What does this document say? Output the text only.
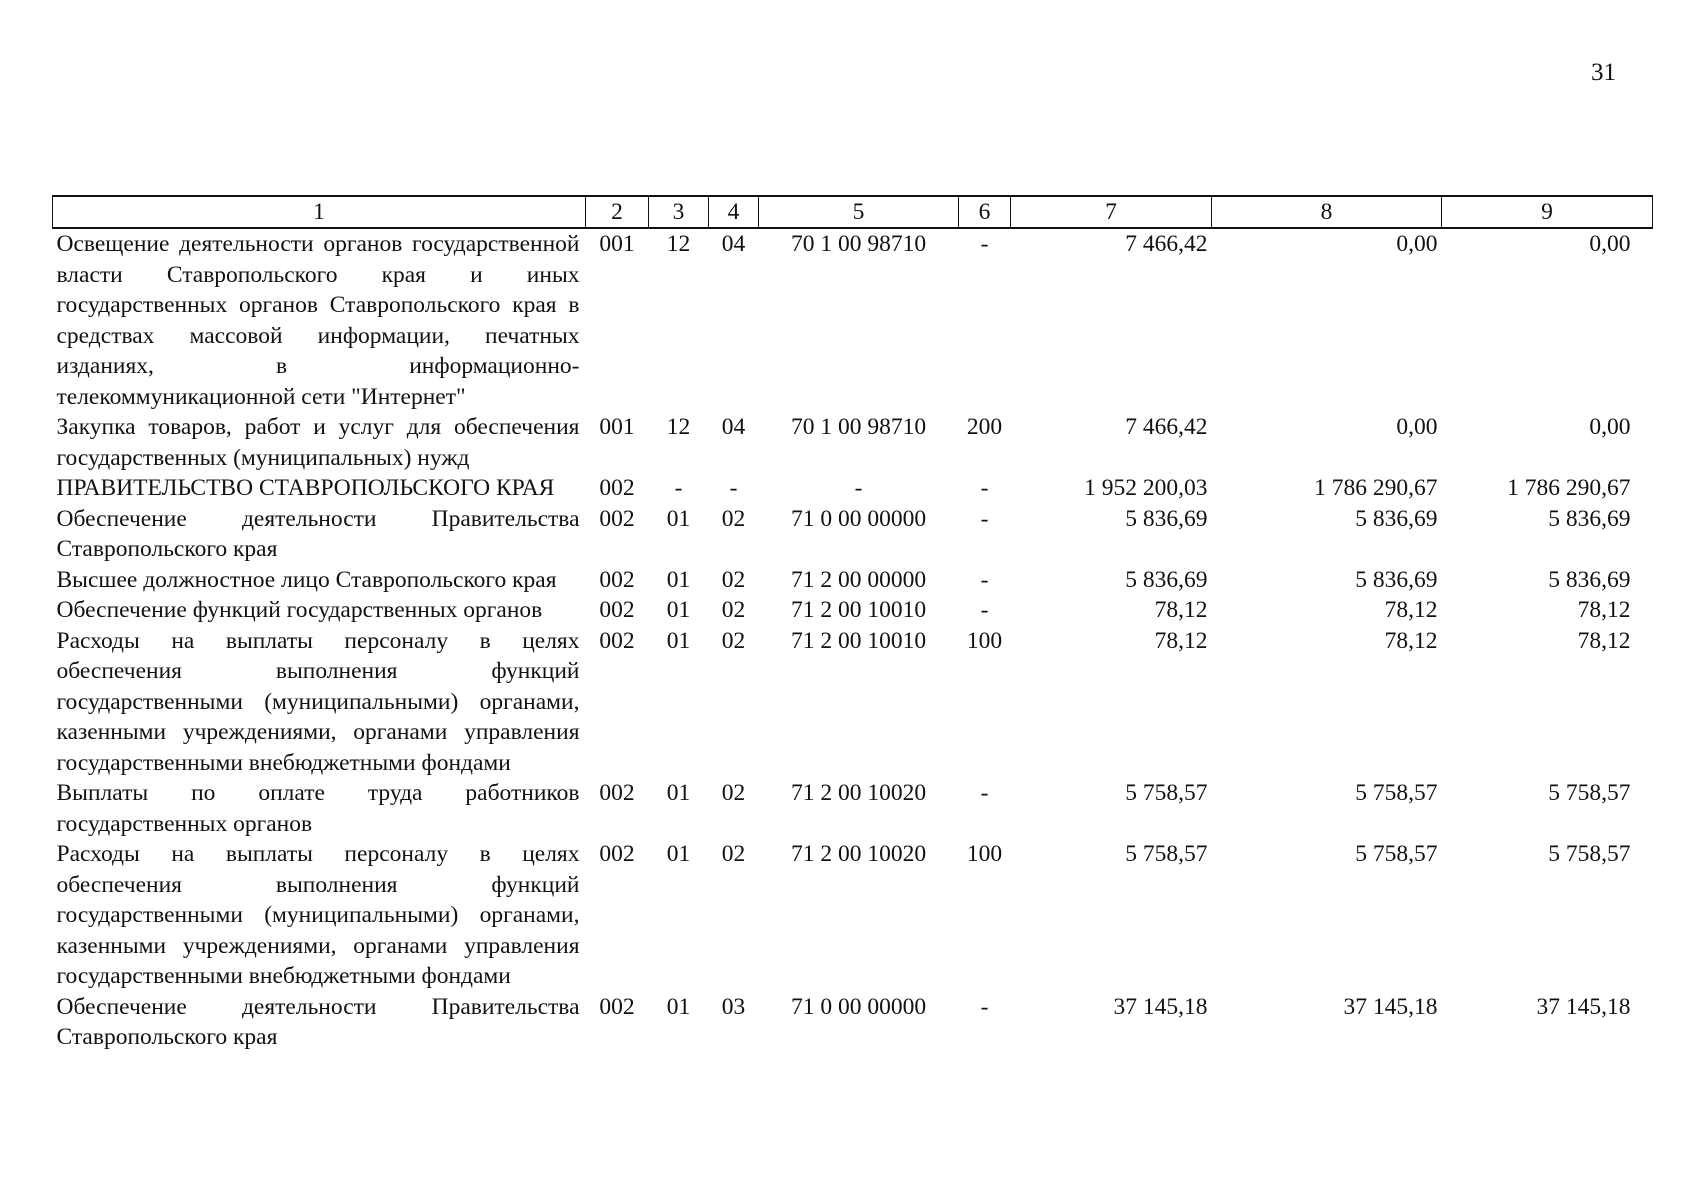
31
1	2	3	4	5	6	7	8	9
Освещение деятельности органов государственной власти Ставропольского края и иных государственных органов Ставропольского края в средствах массовой информации, печатных изданиях, в информационно-телекоммуникационной сети "Интернет"	001	12	04	70 1 00 98710	-	7 466,42	0,00	0,00
Закупка товаров, работ и услуг для обеспечения государственных (муниципальных) нужд	001	12	04	70 1 00 98710	200	7 466,42	0,00	0,00
ПРАВИТЕЛЬСТВО СТАВРОПОЛЬСКОГО КРАЯ	002	-	-	-	-	1 952 200,03	1 786 290,67	1 786 290,67
Обеспечение деятельности Правительства Ставропольского края	002	01	02	71 0 00 00000	-	5 836,69	5 836,69	5 836,69
Высшее должностное лицо Ставропольского края	002	01	02	71 2 00 00000	-	5 836,69	5 836,69	5 836,69
Обеспечение функций государственных органов	002	01	02	71 2 00 10010	-	78,12	78,12	78,12
Расходы на выплаты персоналу в целях обеспечения выполнения функций государственными (муниципальными) органами, казенными учреждениями, органами управления государственными внебюджетными фондами	002	01	02	71 2 00 10010	100	78,12	78,12	78,12
Выплаты по оплате труда работников государственных органов	002	01	02	71 2 00 10020	-	5 758,57	5 758,57	5 758,57
Расходы на выплаты персоналу в целях обеспечения выполнения функций государственными (муниципальными) органами, казенными учреждениями, органами управления государственными внебюджетными фондами	002	01	02	71 2 00 10020	100	5 758,57	5 758,57	5 758,57
Обеспечение деятельности Правительства Ставропольского края	002	01	03	71 0 00 00000	-	37 145,18	37 145,18	37 145,18
